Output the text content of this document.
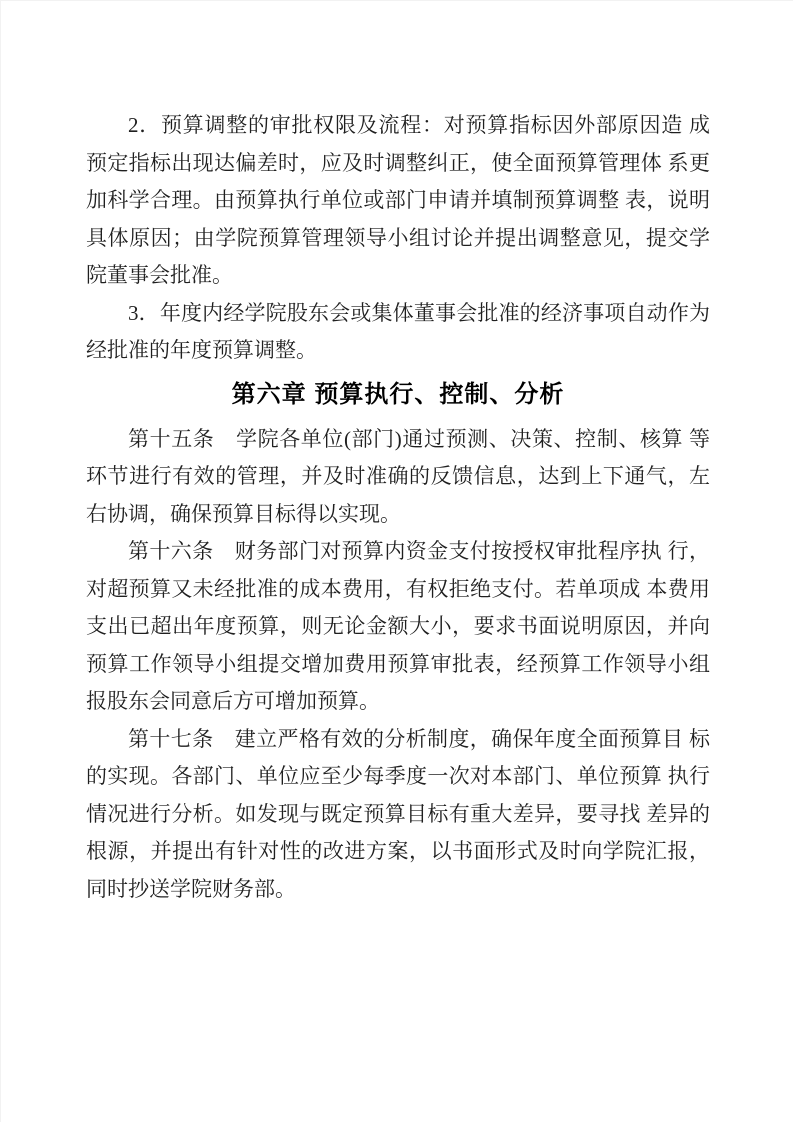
2．预算调整的审批权限及流程：对预算指标因外部原因造 成预定指标出现达偏差时，应及时调整纠正，使全面预算管理体 系更加科学合理。由预算执行单位或部门申请并填制预算调整 表，说明具体原因；由学院预算管理领导小组讨论并提出调整意见，提交学院董事会批准。

3．年度内经学院股东会或集体董事会批准的经济事项自动作为经批准的年度预算调整。

第六章 预算执行、控制、分析

第十五条　学院各单位(部门)通过预测、决策、控制、核算 等环节进行有效的管理，并及时准确的反馈信息，达到上下通气，左右协调，确保预算目标得以实现。

第十六条　财务部门对预算内资金支付按授权审批程序执 行，对超预算又未经批准的成本费用，有权拒绝支付。若单项成 本费用支出已超出年度预算，则无论金额大小，要求书面说明原因，并向预算工作领导小组提交增加费用预算审批表，经预算工作领导小组报股东会同意后方可增加预算。

第十七条　建立严格有效的分析制度，确保年度全面预算目 标的实现。各部门、单位应至少每季度一次对本部门、单位预算 执行情况进行分析。如发现与既定预算目标有重大差异，要寻找 差异的根源，并提出有针对性的改进方案，以书面形式及时向学院汇报，同时抄送学院财务部。
